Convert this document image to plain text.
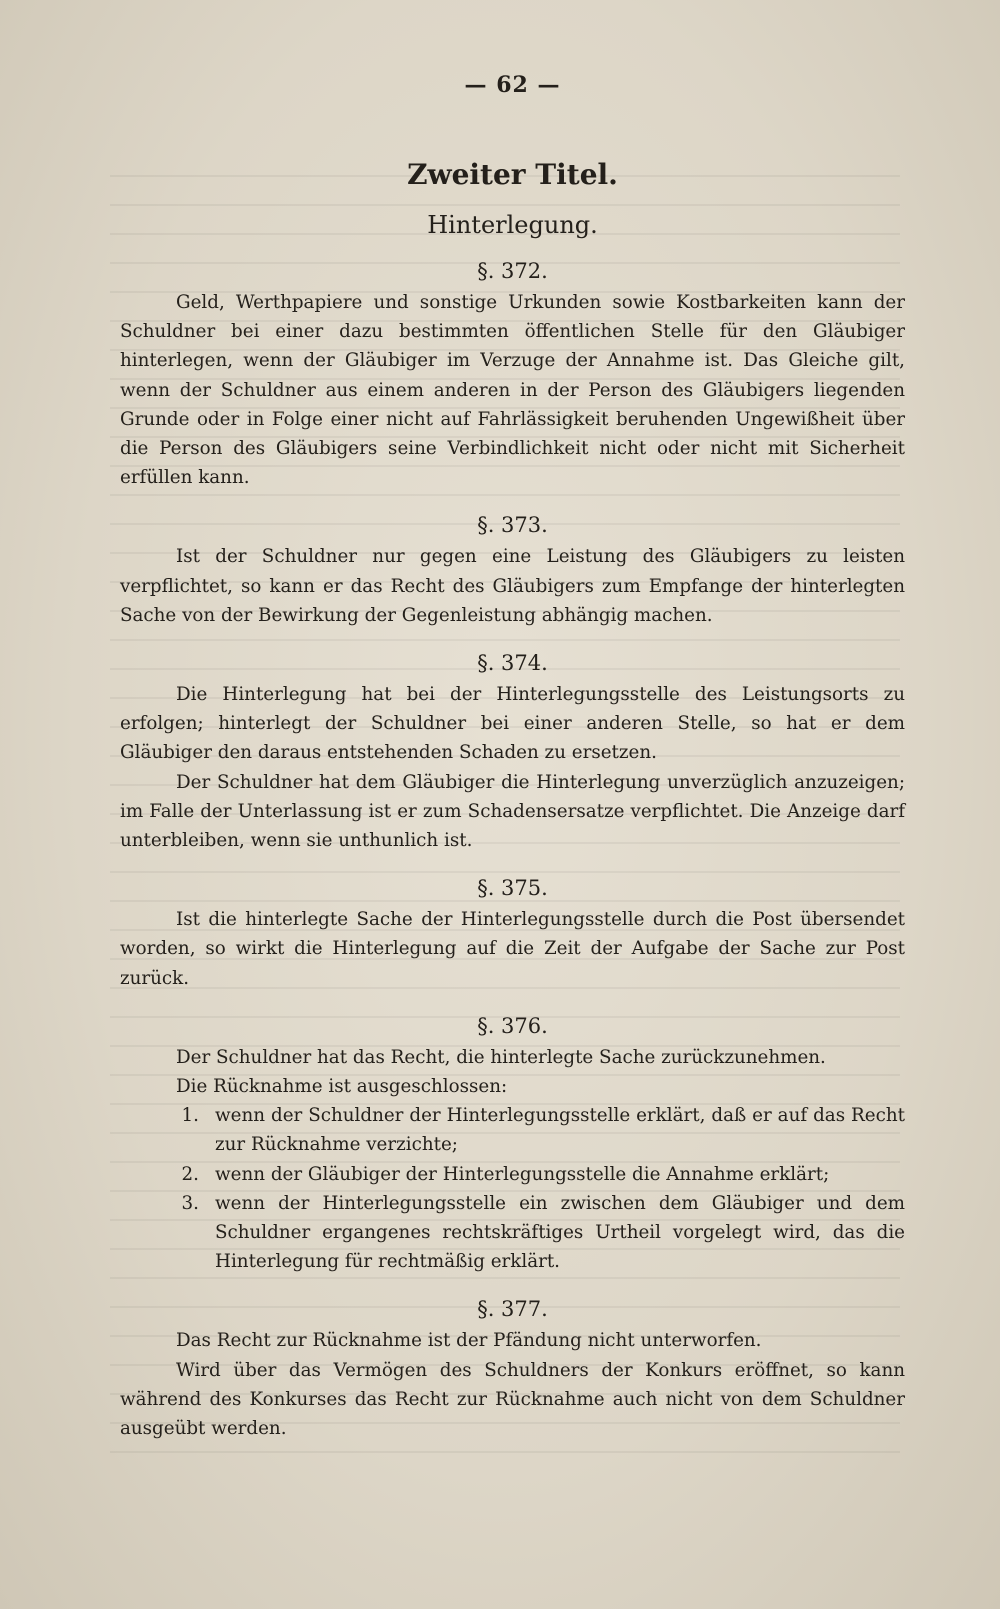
— 62 —
Zweiter Titel.
Hinterlegung.
§. 372.

Geld, Werthpapiere und sonstige Urkunden sowie Kostbarkeiten kann der Schuldner bei einer dazu bestimmten öffentlichen Stelle für den Gläubiger hinterlegen, wenn der Gläubiger im Verzuge der Annahme ist. Das Gleiche gilt, wenn der Schuldner aus einem anderen in der Person des Gläubigers liegenden Grunde oder in Folge einer nicht auf Fahrlässigkeit beruhenden Ungewißheit über die Person des Gläubigers seine Verbindlichkeit nicht oder nicht mit Sicherheit erfüllen kann.

§. 373.

Ist der Schuldner nur gegen eine Leistung des Gläubigers zu leisten verpflichtet, so kann er das Recht des Gläubigers zum Empfange der hinterlegten Sache von der Bewirkung der Gegenleistung abhängig machen.

§. 374.

Die Hinterlegung hat bei der Hinterlegungsstelle des Leistungsorts zu erfolgen; hinterlegt der Schuldner bei einer anderen Stelle, so hat er dem Gläubiger den daraus entstehenden Schaden zu ersetzen.

Der Schuldner hat dem Gläubiger die Hinterlegung unverzüglich anzuzeigen; im Falle der Unterlassung ist er zum Schadensersatze verpflichtet. Die Anzeige darf unterbleiben, wenn sie unthunlich ist.

§. 375.

Ist die hinterlegte Sache der Hinterlegungsstelle durch die Post übersendet worden, so wirkt die Hinterlegung auf die Zeit der Aufgabe der Sache zur Post zurück.

§. 376.

Der Schuldner hat das Recht, die hinterlegte Sache zurückzunehmen.

Die Rücknahme ist ausgeschlossen:

1. wenn der Schuldner der Hinterlegungsstelle erklärt, daß er auf das Recht zur Rücknahme verzichte;
2. wenn der Gläubiger der Hinterlegungsstelle die Annahme erklärt;
3. wenn der Hinterlegungsstelle ein zwischen dem Gläubiger und dem Schuldner ergangenes rechtskräftiges Urtheil vorgelegt wird, das die Hinterlegung für rechtmäßig erklärt.
§. 377.

Das Recht zur Rücknahme ist der Pfändung nicht unterworfen.

Wird über das Vermögen des Schuldners der Konkurs eröffnet, so kann während des Konkurses das Recht zur Rücknahme auch nicht von dem Schuldner ausgeübt werden.
